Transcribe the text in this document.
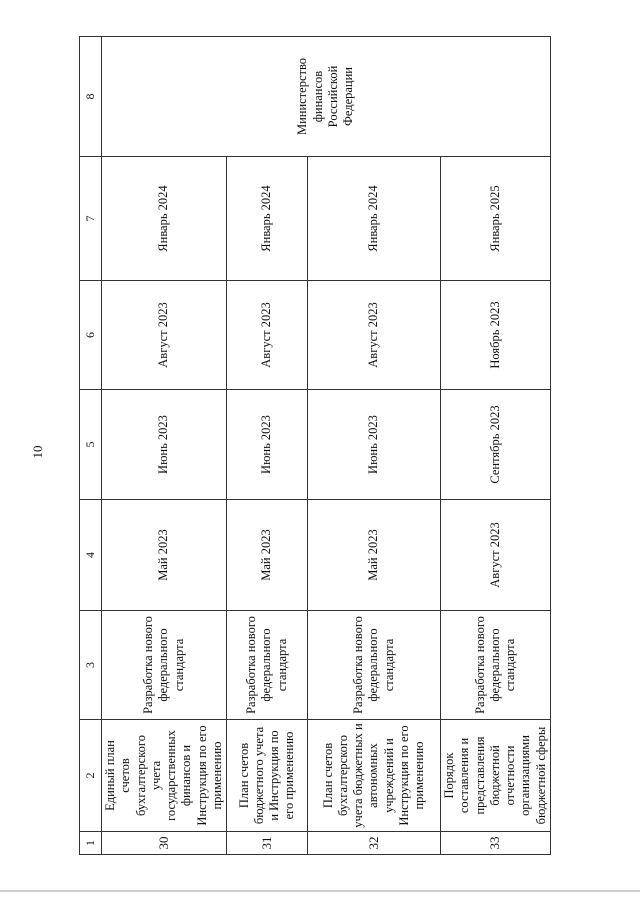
10
1	2	3	4	5	6	7	8
30	Единый план счетов бухгалтерского учета государственных финансов и Инструкция по его применению	Разработка нового федерального стандарта	Май 2023	Июнь 2023	Август 2023	Январь 2024	Министерство финансов Российской Федерации
31	План счетов бюджетного учета и Инструкция по его применению	Разработка нового федерального стандарта	Май 2023	Июнь 2023	Август 2023	Январь 2024	
32	План счетов бухгалтерского учета бюджетных и автономных учреждений и Инструкция по его применению	Разработка нового федерального стандарта	Май 2023	Июнь 2023	Август 2023	Январь 2024	
33	Порядок составления и представления бюджетной отчетности организациями бюджетной сферы	Разработка нового федерального стандарта	Август 2023	Сентябрь 2023	Ноябрь 2023	Январь 2025	
